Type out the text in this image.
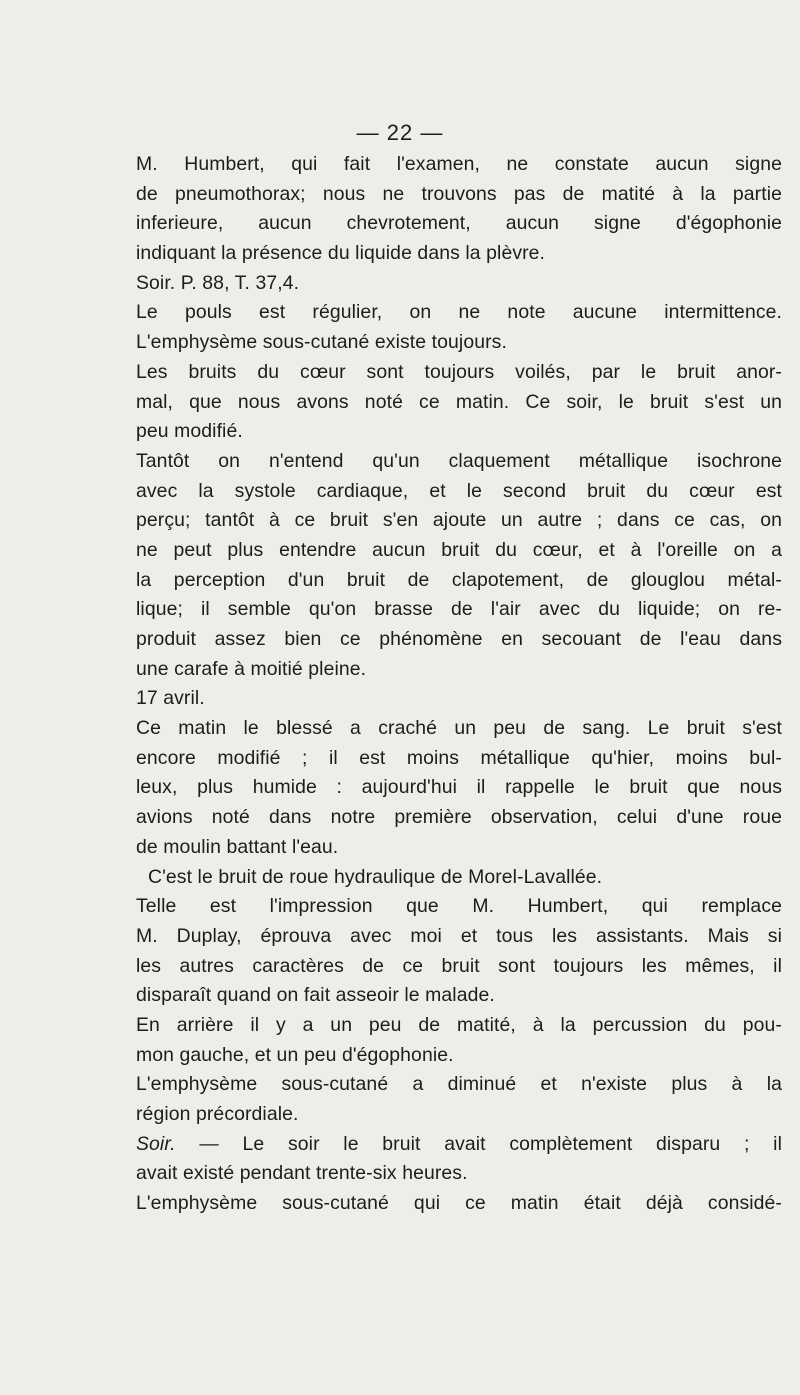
— 22 —
M. Humbert, qui fait l'examen, ne constate aucun signe
de pneumothorax; nous ne trouvons pas de matité à la partie
inferieure, aucun chevrotement, aucun signe d'égophonie
indiquant la présence du liquide dans la plèvre.
Soir. P. 88, T. 37,4.
Le pouls est régulier, on ne note aucune intermittence.
L'emphysème sous-cutané existe toujours.
Les bruits du cœur sont toujours voilés, par le bruit anor-
mal, que nous avons noté ce matin. Ce soir, le bruit s'est un
peu modifié.
Tantôt on n'entend qu'un claquement métallique isochrone
avec la systole cardiaque, et le second bruit du cœur est
perçu; tantôt à ce bruit s'en ajoute un autre ; dans ce cas, on
ne peut plus entendre aucun bruit du cœur, et à l'oreille on a
la perception d'un bruit de clapotement, de glouglou métal-
lique; il semble qu'on brasse de l'air avec du liquide; on re-
produit assez bien ce phénomène en secouant de l'eau dans
une carafe à moitié pleine.
17 avril.
Ce matin le blessé a craché un peu de sang. Le bruit s'est
encore modifié ; il est moins métallique qu'hier, moins bul-
leux, plus humide : aujourd'hui il rappelle le bruit que nous
avions noté dans notre première observation, celui d'une roue
de moulin battant l'eau.
C'est le bruit de roue hydraulique de Morel-Lavallée.
Telle est l'impression que M. Humbert, qui remplace
M. Duplay, éprouva avec moi et tous les assistants. Mais si
les autres caractères de ce bruit sont toujours les mêmes, il
disparaît quand on fait asseoir le malade.
En arrière il y a un peu de matité, à la percussion du pou-
mon gauche, et un peu d'égophonie.
L'emphysème sous-cutané a diminué et n'existe plus à la
région précordiale.
Soir. — Le soir le bruit avait complètement disparu ; il
avait existé pendant trente-six heures.
L'emphysème sous-cutané qui ce matin était déjà considé-
